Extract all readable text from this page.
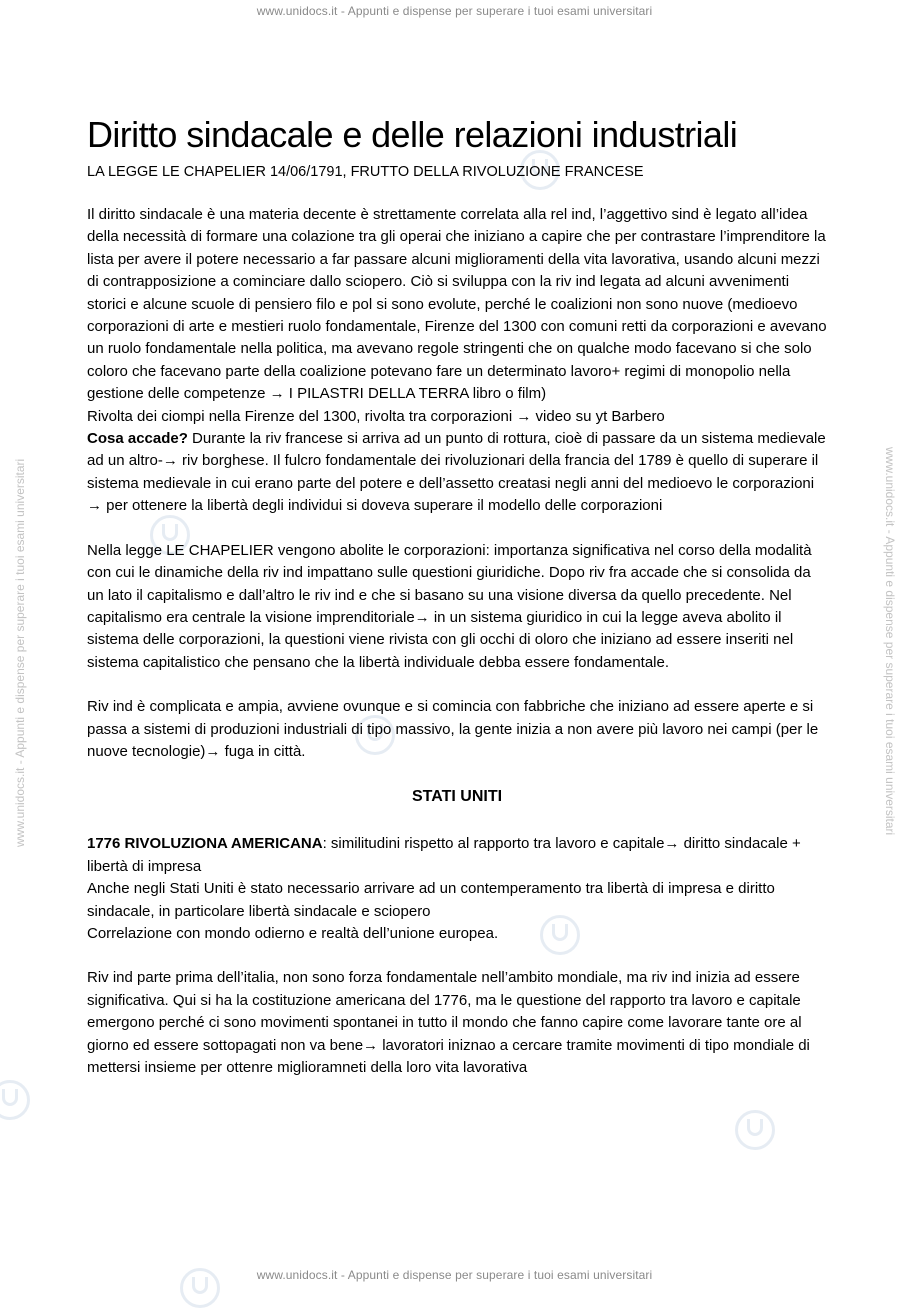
www.unidocs.it - Appunti e dispense per superare i tuoi esami universitari
www.unidocs.it - Appunti e dispense per superare i tuoi esami universitari	www.unidocs.it - Appunti e dispense per superare i tuoi esami universitari
Diritto sindacale e delle relazioni industriali
LA LEGGE LE CHAPELIER 14/06/1791, FRUTTO DELLA RIVOLUZIONE FRANCESE
Il diritto sindacale è una materia decente è strettamente correlata alla rel ind, l’aggettivo sind è legato all’idea della necessità di formare una colazione tra gli operai che iniziano a capire che per contrastare l’imprenditore la lista per avere il potere necessario a far passare alcuni miglioramenti della vita lavorativa, usando alcuni mezzi di contrapposizione a cominciare dallo sciopero. Ciò si sviluppa con la riv ind legata ad alcuni avvenimenti storici e alcune scuole di pensiero filo e pol si sono evolute, perché le coalizioni non sono nuove (medioevo corporazioni di arte e mestieri ruolo fondamentale, Firenze del 1300 con comuni retti da corporazioni e avevano un ruolo fondamentale nella politica, ma avevano regole stringenti che on qualche modo facevano si che solo coloro che facevano parte della coalizione potevano fare un determinato lavoro+ regimi di monopolio nella gestione delle competenze → I PILASTRI DELLA TERRA libro o film)
Rivolta dei ciompi nella Firenze del 1300, rivolta tra corporazioni → video su yt Barbero
Cosa accade? Durante la riv francese si arriva ad un punto di rottura, cioè di passare da un sistema medievale ad un altro-→ riv borghese. Il fulcro fondamentale dei rivoluzionari della francia del 1789 è quello di superare il sistema medievale in cui erano parte del potere e dell’assetto creatasi negli anni del medioevo le corporazioni → per ottenere la libertà degli individui si doveva superare il modello delle corporazioni

Nella legge LE CHAPELIER vengono abolite le corporazioni: importanza significativa nel corso della modalità con cui le dinamiche della riv ind impattano sulle questioni giuridiche. Dopo riv fra accade che si consolida da un lato il capitalismo e dall’altro le riv ind e che si basano su una visione diversa da quello precedente. Nel capitalismo era centrale la visione imprenditoriale→ in un sistema giuridico in cui la legge aveva abolito il sistema delle corporazioni, la questioni viene rivista con gli occhi di oloro che iniziano ad essere inseriti nel sistema capitalistico che pensano che la libertà individuale debba essere fondamentale.

Riv ind è complicata e ampia, avviene ovunque e si comincia con fabbriche che iniziano ad essere aperte e si passa a sistemi di produzioni industriali di tipo massivo, la gente inizia a non avere più lavoro nei campi (per le nuove tecnologie)→ fuga in città.

STATI UNITI
1776 RIVOLUZIONA AMERICANA: similitudini rispetto al rapporto tra lavoro e capitale→ diritto sindacale + libertà di impresa
Anche negli Stati Uniti è stato necessario arrivare ad un contemperamento tra libertà di impresa e diritto sindacale, in particolare libertà sindacale e sciopero
Correlazione con mondo odierno e realtà dell’unione europea.

Riv ind parte prima dell’italia, non sono forza fondamentale nell’ambito mondiale, ma riv ind inizia ad essere significativa. Qui si ha la costituzione americana del 1776, ma le questione del rapporto tra lavoro e capitale emergono perché ci sono movimenti spontanei in tutto il mondo che fanno capire come lavorare tante ore al giorno ed essere sottopagati non va bene→ lavoratori iniznao a cercare tramite movimenti di tipo mondiale di mettersi insieme per ottenre miglioramneti della loro vita lavorativa

www.unidocs.it - Appunti e dispense per superare i tuoi esami universitari
